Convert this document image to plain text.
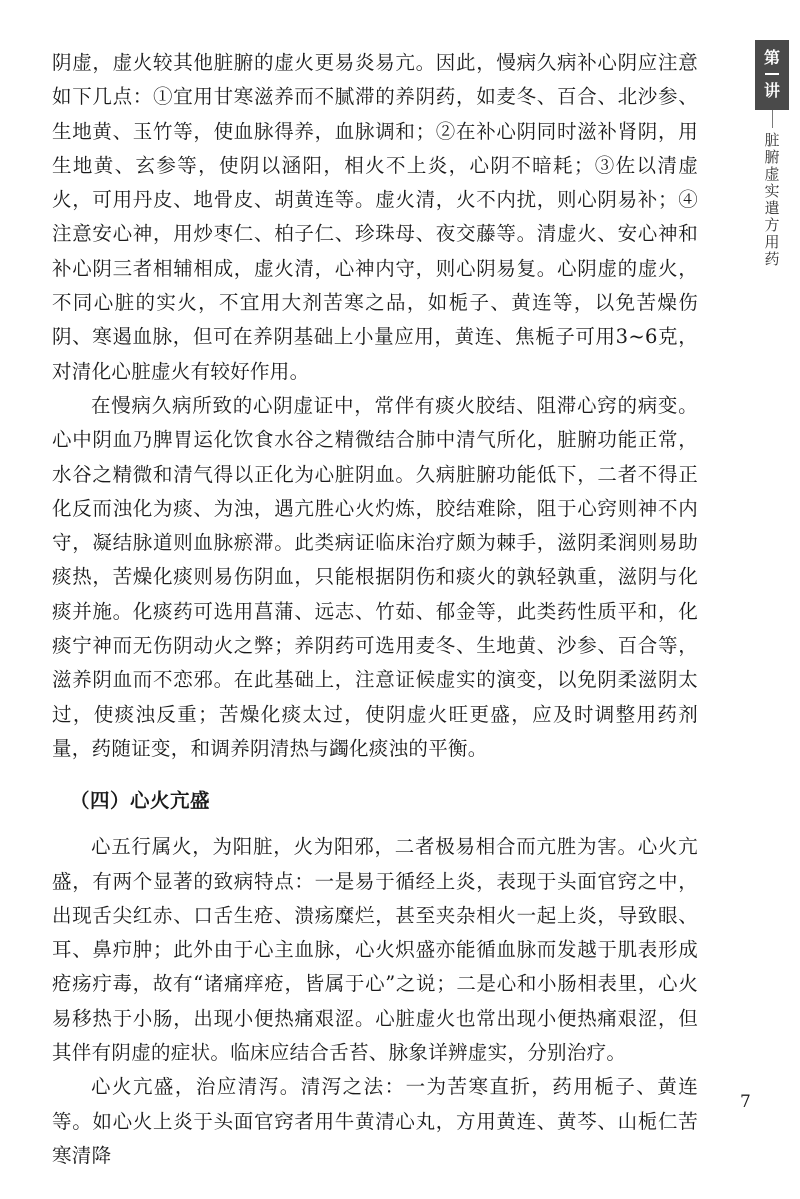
阴虚，虚火较其他脏腑的虚火更易炎易亢。因此，慢病久病补心阴应注意如下几点：①宜用甘寒滋养而不腻滞的养阴药，如麦冬、百合、北沙参、生地黄、玉竹等，使血脉得养，血脉调和；②在补心阴同时滋补肾阴，用生地黄、玄参等，使阴以涵阳，相火不上炎，心阴不暗耗；③佐以清虚火，可用丹皮、地骨皮、胡黄连等。虚火清，火不内扰，则心阴易补；④注意安心神，用炒枣仁、柏子仁、珍珠母、夜交藤等。清虚火、安心神和补心阴三者相辅相成，虚火清，心神内守，则心阴易复。心阴虚的虚火，不同心脏的实火，不宜用大剂苦寒之品，如栀子、黄连等，以免苦燥伤阴、寒遏血脉，但可在养阴基础上小量应用，黄连、焦栀子可用3~6克，对清化心脏虚火有较好作用。

在慢病久病所致的心阴虚证中，常伴有痰火胶结、阻滞心窍的病变。心中阴血乃脾胃运化饮食水谷之精微结合肺中清气所化，脏腑功能正常，水谷之精微和清气得以正化为心脏阴血。久病脏腑功能低下，二者不得正化反而浊化为痰、为浊，遇亢胜心火灼炼，胶结难除，阻于心窍则神不内守，凝结脉道则血脉瘀滞。此类病证临床治疗颇为棘手，滋阴柔润则易助痰热，苦燥化痰则易伤阴血，只能根据阴伤和痰火的孰轻孰重，滋阴与化痰并施。化痰药可选用菖蒲、远志、竹茹、郁金等，此类药性质平和，化痰宁神而无伤阴动火之弊；养阴药可选用麦冬、生地黄、沙参、百合等，滋养阴血而不恋邪。在此基础上，注意证候虚实的演变，以免阴柔滋阴太过，使痰浊反重；苦燥化痰太过，使阴虚火旺更盛，应及时调整用药剂量，药随证变，和调养阴清热与蠲化痰浊的平衡。

（四）心火亢盛

心五行属火，为阳脏，火为阳邪，二者极易相合而亢胜为害。心火亢盛，有两个显著的致病特点：一是易于循经上炎，表现于头面官窍之中，出现舌尖红赤、口舌生疮、溃疡糜烂，甚至夹杂相火一起上炎，导致眼、耳、鼻疖肿；此外由于心主血脉，心火炽盛亦能循血脉而发越于肌表形成疮疡疔毒，故有“诸痛痒疮，皆属于心”之说；二是心和小肠相表里，心火易移热于小肠，出现小便热痛艰涩。心脏虚火也常出现小便热痛艰涩，但其伴有阴虚的症状。临床应结合舌苔、脉象详辨虚实，分别治疗。

心火亢盛，治应清泻。清泻之法：一为苦寒直折，药用栀子、黄连等。如心火上炎于头面官窍者用牛黄清心丸，方用黄连、黄芩、山栀仁苦寒清降

第
讲
脏腑虚实遣方用药
7
